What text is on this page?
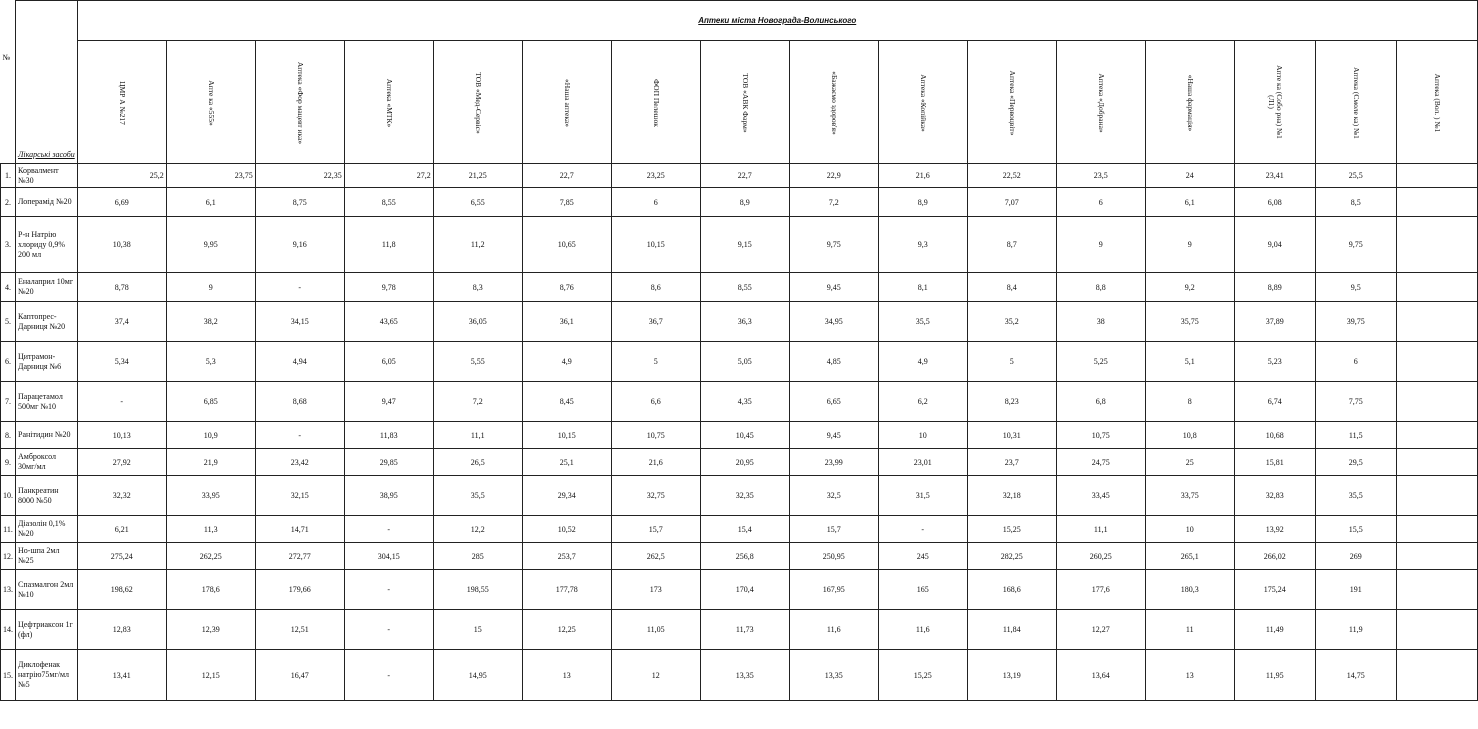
№	Лікарські засоби	Аптеки міста Новограда-Волинського															
		ЦМР А №217	Апте ка «555»	Аптека «Фор мацевт ика»	Аптека «МТК»	ТОВ «Мед-Сервіс»	«Наша аптека»	ФОП Пелешок	ТОВ «АВК Фарм»	«Бажаємо здоров'я»	Аптека «Копійка»	Аптека «Первоцвіт»	Аптека «Добрана»	«Наша фармація»	Апте ка (Собо рна) №1 (Л1)	Аптека (Смоле ка) №1	Аптека (Вол. ) №1
1.	Корвалмент №30	25,2	23,75	22,35	27,2	21,25	22,7	23,25	22,7	22,9	21,6	22,52	23,5	24	23,41	25,5	
2.	Лоперамід №20	6,69	6,1	8,75	8,55	6,55	7,85	6	8,9	7,2	8,9	7,07	6	6,1	6,08	8,5	
3.	Р-н Натрію хлориду 0,9% 200 мл	10,38	9,95	9,16	11,8	11,2	10,65	10,15	9,15	9,75	9,3	8,7	9	9	9,04	9,75	
4.	Еналаприл 10мг №20	8,78	9	-	9,78	8,3	8,76	8,6	8,55	9,45	8,1	8,4	8,8	9,2	8,89	9,5	
5.	Каптопрес-Дарниця №20	37,4	38,2	34,15	43,65	36,05	36,1	36,7	36,3	34,95	35,5	35,2	38	35,75	37,89	39,75	
6.	Цитрамон-Дарниця №6	5,34	5,3	4,94	6,05	5,55	4,9	5	5,05	4,85	4,9	5	5,25	5,1	5,23	6	
7.	Парацетамол 500мг №10	-	6,85	8,68	9,47	7,2	8,45	6,6	4,35	6,65	6,2	8,23	6,8	8	6,74	7,75	
8.	Ранітидин №20	10,13	10,9	-	11,83	11,1	10,15	10,75	10,45	9,45	10	10,31	10,75	10,8	10,68	11,5	
9.	Амброксол 30мг/мл	27,92	21,9	23,42	29,85	26,5	25,1	21,6	20,95	23,99	23,01	23,7	24,75	25	15,81	29,5	
10.	Панкреатин 8000 №50	32,32	33,95	32,15	38,95	35,5	29,34	32,75	32,35	32,5	31,5	32,18	33,45	33,75	32,83	35,5	
11.	Діазолін 0,1% №20	6,21	11,3	14,71	-	12,2	10,52	15,7	15,4	15,7	-	15,25	11,1	10	13,92	15,5	
12.	Но-шпа 2мл №25	275,24	262,25	272,77	304,15	285	253,7	262,5	256,8	250,95	245	282,25	260,25	265,1	266,02	269	
13.	Спазмалгон 2мл №10	198,62	178,6	179,66	-	198,55	177,78	173	170,4	167,95	165	168,6	177,6	180,3	175,24	191	
14.	Цефтриаксон 1г (фл)	12,83	12,39	12,51	-	15	12,25	11,05	11,73	11,6	11,6	11,84	12,27	11	11,49	11,9	
15.	Диклофенак натрію75мг/мл №5	13,41	12,15	16,47	-	14,95	13	12	13,35	13,35	15,25	13,19	13,64	13	11,95	14,75	
